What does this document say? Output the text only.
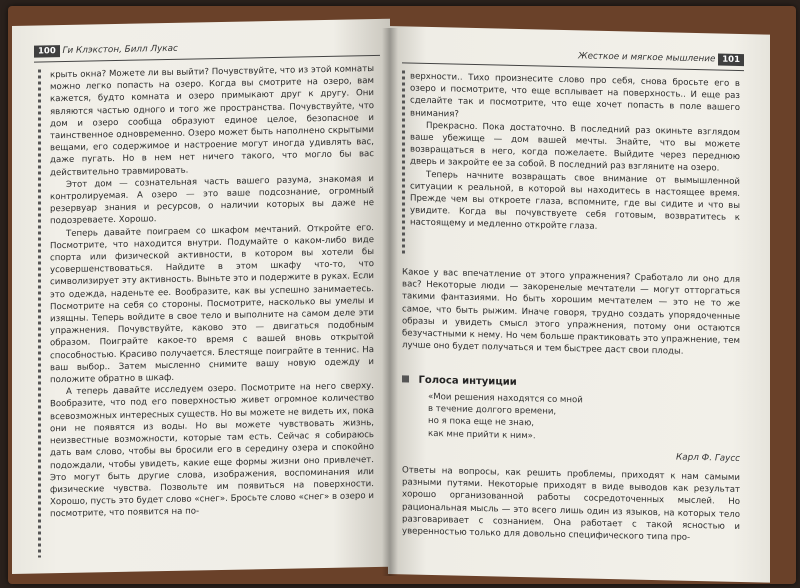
100 Ги Клэкстон, Билл Лукас

крыть окна? Можете ли вы выйти? Почувствуйте, что из этой комнаты можно легко попасть на озеро. Когда вы смотрите на озеро, вам кажется, будто комната и озеро примыкают друг к другу. Они являются частью одного и того же пространства. Почувствуйте, что дом и озеро сообща образуют единое целое, безопасное и таинственное одновременно. Озеро может быть наполнено скрытыми вещами, его содержимое и настроение могут иногда удивлять вас, даже пугать. Но в нем нет ничего такого, что могло бы вас действительно травмировать.

Этот дом — сознательная часть вашего разума, знакомая и контролируемая. А озеро — это ваше подсознание, огромный резервуар знания и ресурсов, о наличии которых вы даже не подозреваете. Хорошо.

Теперь давайте поиграем со шкафом мечтаний. Откройте его. Посмотрите, что находится внутри. Подумайте о каком-либо виде спорта или физической активности, в котором вы хотели бы усовершенствоваться. Найдите в этом шкафу что-то, что символизирует эту активность. Выньте это и подержите в руках. Если это одежда, наденьте ее. Вообразите, как вы успешно занимаетесь. Посмотрите на себя со стороны. Посмотрите, насколько вы умелы и изящны. Теперь войдите в свое тело и выполните на самом деле эти упражнения. Почувствуйте, каково это — двигаться подобным образом. Поиграйте какое-то время с вашей вновь открытой способностью. Красиво получается. Блестяще поиграйте в теннис. На ваш выбор.. Затем мысленно снимите вашу новую одежду и положите обратно в шкаф.

А теперь давайте исследуем озеро. Посмотрите на него сверху. Вообразите, что под его поверхностью живет огромное количество всевозможных интересных существ. Но вы можете не видеть их, пока они не появятся из воды. Но вы можете чувствовать жизнь, неизвестные возможности, которые там есть. Сейчас я собираюсь дать вам слово, чтобы вы бросили его в середину озера и спокойно подождали, чтобы увидеть, какие еще формы жизни оно привлечет. Это могут быть другие слова, изображения, воспоминания или физические чувства. Позвольте им появиться на поверхности. Хорошо, пусть это будет слово «снег». Бросьте слово «снег» в озеро и посмотрите, что появится на по-

Жесткое и мягкое мышление 101

верхности.. Тихо произнесите слово про себя, снова бросьте его в озеро и посмотрите, что еще всплывает на поверхность.. И еще раз сделайте так и посмотрите, что еще хочет попасть в поле вашего внимания?

Прекрасно. Пока достаточно. В последний раз окиньте взглядом ваше убежище — дом вашей мечты. Знайте, что вы можете возвращаться в него, когда пожелаете. Выйдите через переднюю дверь и закройте ее за собой. В последний раз взгляните на озеро.

Теперь начните возвращать свое внимание от вымышленной ситуации к реальной, в которой вы находитесь в настоящее время. Прежде чем вы откроете глаза, вспомните, где вы сидите и что вы увидите. Когда вы почувствуете себя готовым, возвратитесь к настоящему и медленно откройте глаза.

Какое у вас впечатление от этого упражнения? Сработало ли оно для вас? Некоторые люди — закоренелые мечтатели — могут отторгаться такими фантазиями. Но быть хорошим мечтателем — это не то же самое, что быть рыжим. Иначе говоря, трудно создать упорядоченные образы и увидеть смысл этого упражнения, потому они остаются безучастными к нему. Но чем больше практиковать это упражнение, тем лучше оно будет получаться и тем быстрее даст свои плоды.

Голоса интуиции
«Мои решения находятся со мной
в течение долгого времени,
но я пока еще не знаю,
как мне прийти к ним».
Карл Ф. Гаусс

Ответы на вопросы, как решить проблемы, приходят к нам самыми разными путями. Некоторые приходят в виде выводов как результат хорошо организованной работы сосредоточенных мыслей. Но рациональная мысль — это всего лишь один из языков, на которых тело разговаривает с сознанием. Она работает с такой ясностью и уверенностью только для довольно специфического типа про-
